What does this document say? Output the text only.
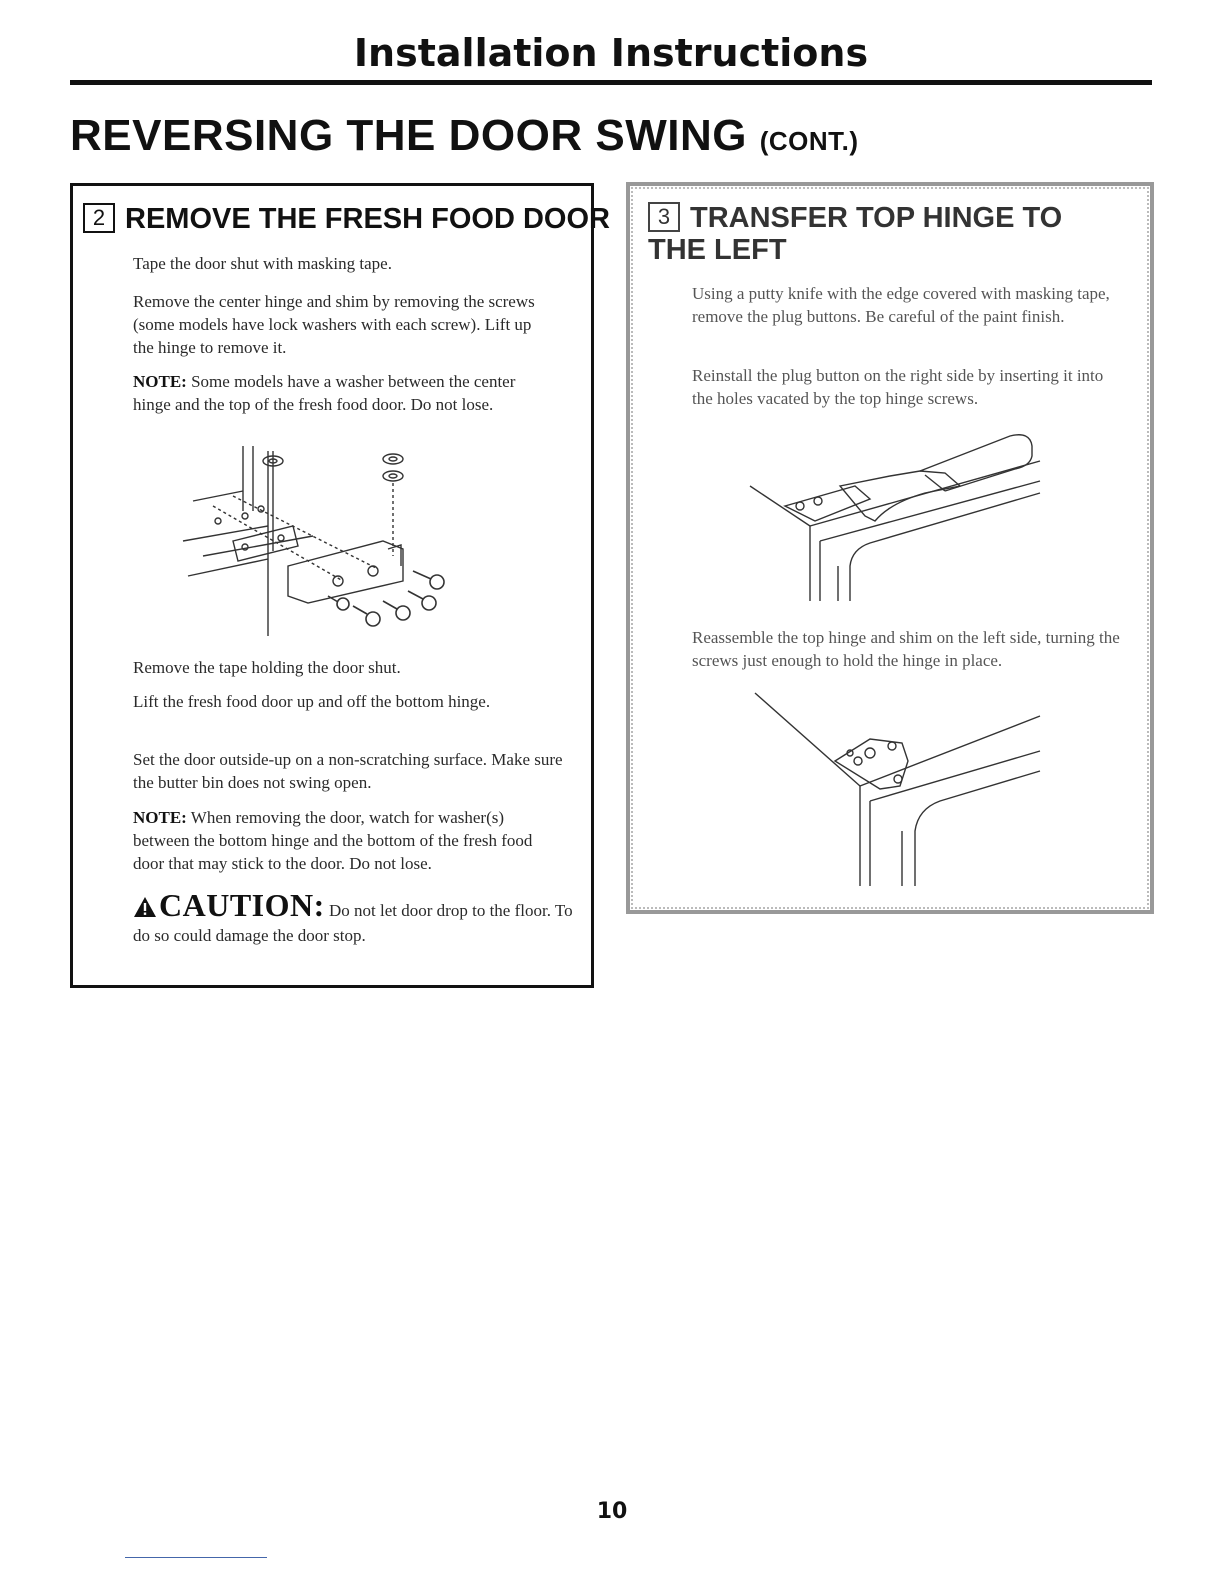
Installation Instructions
REVERSING THE DOOR SWING (CONT.)
2 REMOVE THE FRESH FOOD DOOR

Tape the door shut with masking tape.

Remove the center hinge and shim by removing the screws (some models have lock washers with each screw). Lift up the hinge to remove it.

NOTE: Some models have a washer between the center hinge and the top of the fresh food door. Do not lose.

Remove the tape holding the door shut.

Lift the fresh food door up and off the bottom hinge.

Set the door outside-up on a non-scratching surface. Make sure the butter bin does not swing open.

NOTE: When removing the door, watch for washer(s) between the bottom hinge and the bottom of the fresh food door that may stick to the door. Do not lose.

CAUTION: Do not let door drop to the floor. To do so could damage the door stop.
3 TRANSFER TOP HINGE TO THE LEFT

Using a putty knife with the edge covered with masking tape, remove the plug buttons. Be careful of the paint finish.

Reinstall the plug button on the right side by inserting it into the holes vacated by the top hinge screws.

Reassemble the top hinge and shim on the left side, turning the screws just enough to hold the hinge in place.

10
